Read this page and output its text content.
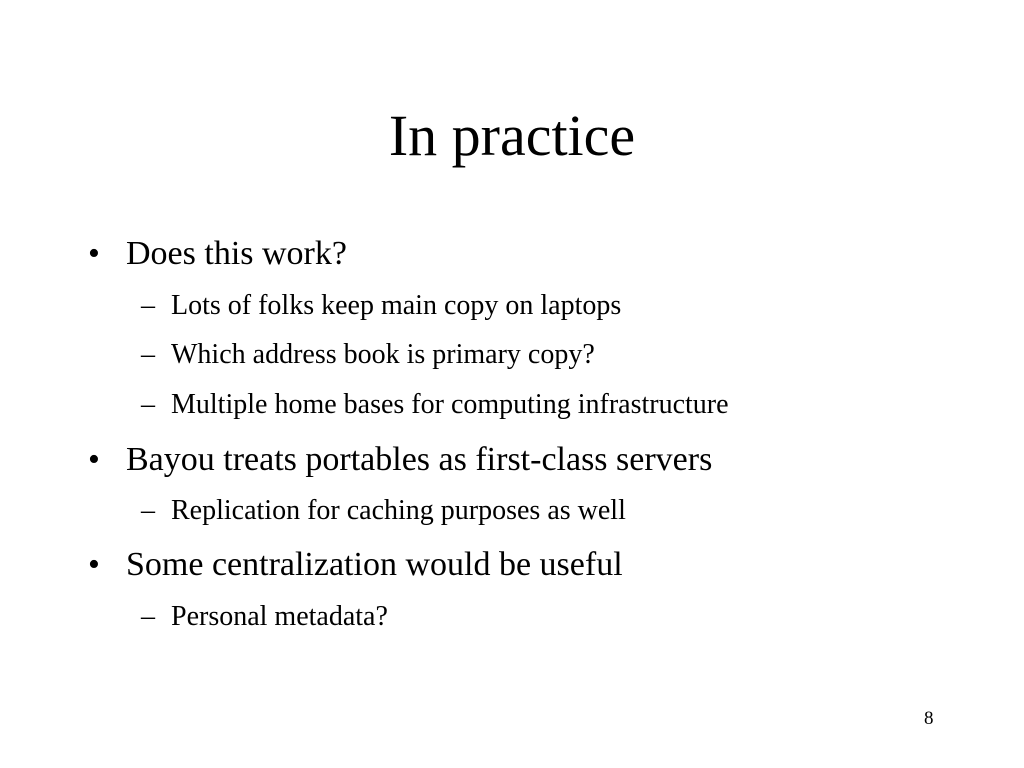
In practice
• Does this work?
– Lots of folks keep main copy on laptops
– Which address book is primary copy?
– Multiple home bases for computing infrastructure
• Bayou treats portables as first-class servers
– Replication for caching purposes as well
• Some centralization would be useful
– Personal metadata?
8
